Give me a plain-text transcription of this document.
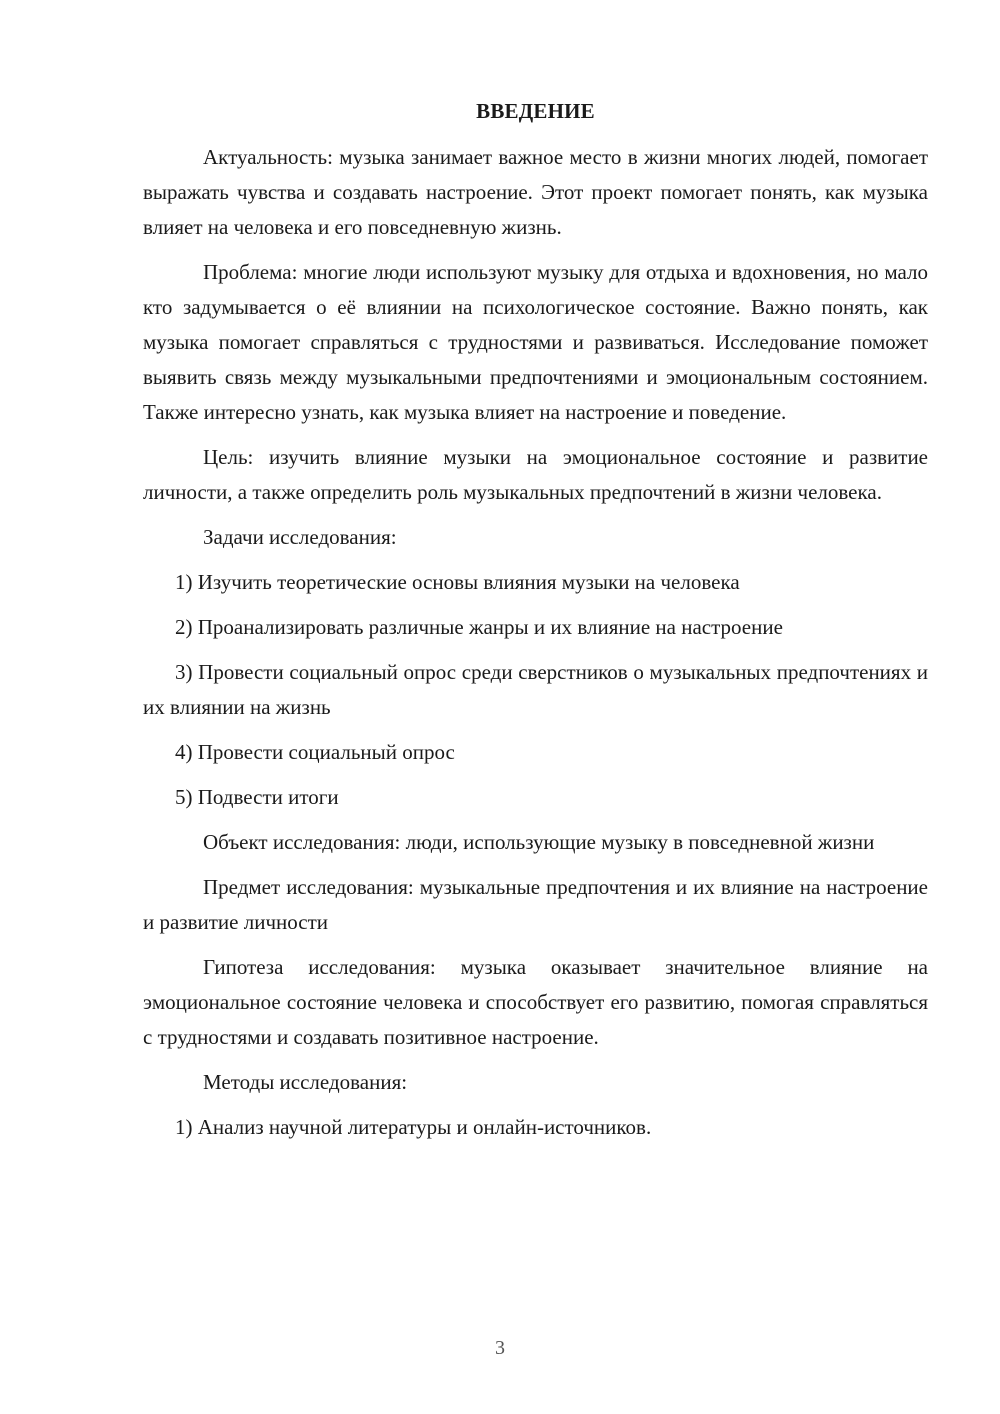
ВВЕДЕНИЕ
Актуальность: музыка занимает важное место в жизни многих людей, помогает выражать чувства и создавать настроение. Этот проект помогает понять, как музыка влияет на человека и его повседневную жизнь.
Проблема: многие люди используют музыку для отдыха и вдохновения, но мало кто задумывается о её влиянии на психологическое состояние. Важно понять, как музыка помогает справляться с трудностями и развиваться. Исследование поможет выявить связь между музыкальными предпочтениями и эмоциональным состоянием. Также интересно узнать, как музыка влияет на настроение и поведение.
Цель: изучить влияние музыки на эмоциональное состояние и развитие личности, а также определить роль музыкальных предпочтений в жизни человека.
Задачи исследования:
1) Изучить теоретические основы влияния музыки на человека
2) Проанализировать различные жанры и их влияние на настроение
3) Провести социальный опрос среди сверстников о музыкальных предпочтениях и их влиянии на жизнь
4) Провести социальный опрос
5) Подвести итоги
Объект исследования: люди, использующие музыку в повседневной жизни
Предмет исследования: музыкальные предпочтения и их влияние на настроение и развитие личности
Гипотеза исследования: музыка оказывает значительное влияние на эмоциональное состояние человека и способствует его развитию, помогая справляться с трудностями и создавать позитивное настроение.
Методы исследования:
1) Анализ научной литературы и онлайн-источников.
3
